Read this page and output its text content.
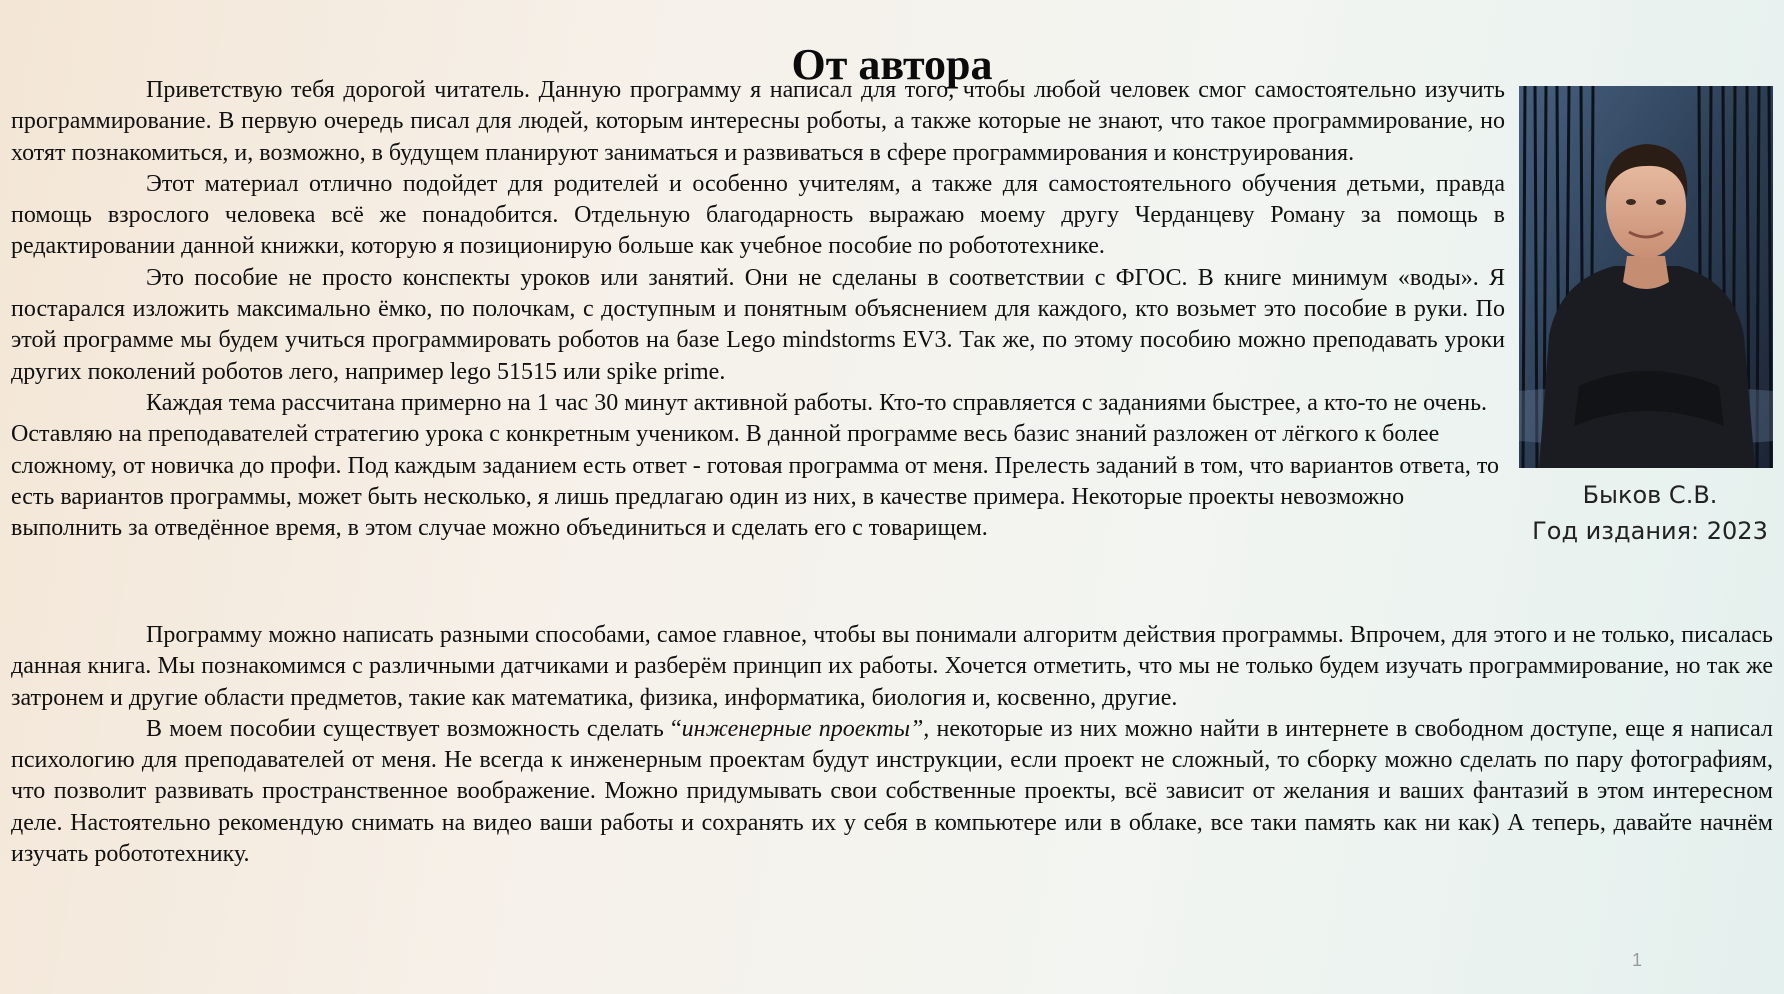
От автора

Приветствую тебя дорогой читатель. Данную программу я написал для того, чтобы любой человек смог самостоятельно изучить программирование. В первую очередь писал для людей, которым интересны роботы, а также которые не знают, что такое программирование, но хотят познакомиться, и, возможно, в будущем планируют заниматься и развиваться в сфере программирования и конструирования.

Этот материал отлично подойдет для родителей и особенно учителям, а также для самостоятельного обучения детьми, правда помощь взрослого человека всё же понадобится. Отдельную благодарность выражаю моему другу Черданцеву Роману за помощь в редактировании данной книжки, которую я позиционирую больше как учебное пособие по робототехнике.

Это пособие не просто конспекты уроков или занятий. Они не сделаны в соответствии с ФГОС. В книге минимум «воды». Я постарался изложить максимально ёмко, по полочкам, с доступным и понятным объяснением для каждого, кто возьмет это пособие в руки. По этой программе мы будем учиться программировать роботов на базе Lego mindstorms EV3. Так же, по этому пособию можно преподавать уроки других поколений роботов лего, например lego 51515 или spike prime.

Каждая тема рассчитана примерно на 1 час 30 минут активной работы. Кто-то справляется с заданиями быстрее, а кто-то не очень. Оставляю на преподавателей стратегию урока с конкретным учеником. В данной программе весь базис знаний разложен от лёгкого к более сложному, от новичка до профи. Под каждым заданием есть ответ - готовая программа от меня. Прелесть заданий в том, что вариантов ответа, то есть вариантов программы, может быть несколько, я лишь предлагаю один из них, в качестве примера. Некоторые проекты невозможно выполнить за отведённое время, в этом случае можно объединиться и сделать его с товарищем.

Программу можно написать разными способами, самое главное, чтобы вы понимали алгоритм действия программы. Впрочем, для этого и не только, писалась данная книга. Мы познакомимся с различными датчиками и разберём принцип их работы. Хочется отметить, что мы не только будем изучать программирование, но так же затронем и другие области предметов, такие как математика, физика, информатика, биология и, косвенно, другие.

В моем пособии существует возможность сделать “инженерные проекты”, некоторые из них можно найти в интернете в свободном доступе, еще я написал психологию для преподавателей от меня. Не всегда к инженерным проектам будут инструкции, если проект не сложный, то сборку можно сделать по пару фотографиям, что позволит развивать пространственное воображение. Можно придумывать свои собственные проекты, всё зависит от желания и ваших фантазий в этом интересном деле. Настоятельно рекомендую снимать на видео ваши работы и сохранять их у себя в компьютере или в облаке, все таки память как ни как) А теперь, давайте начнём изучать робототехнику.

Быков С.В.
Год издания: 2023
1
